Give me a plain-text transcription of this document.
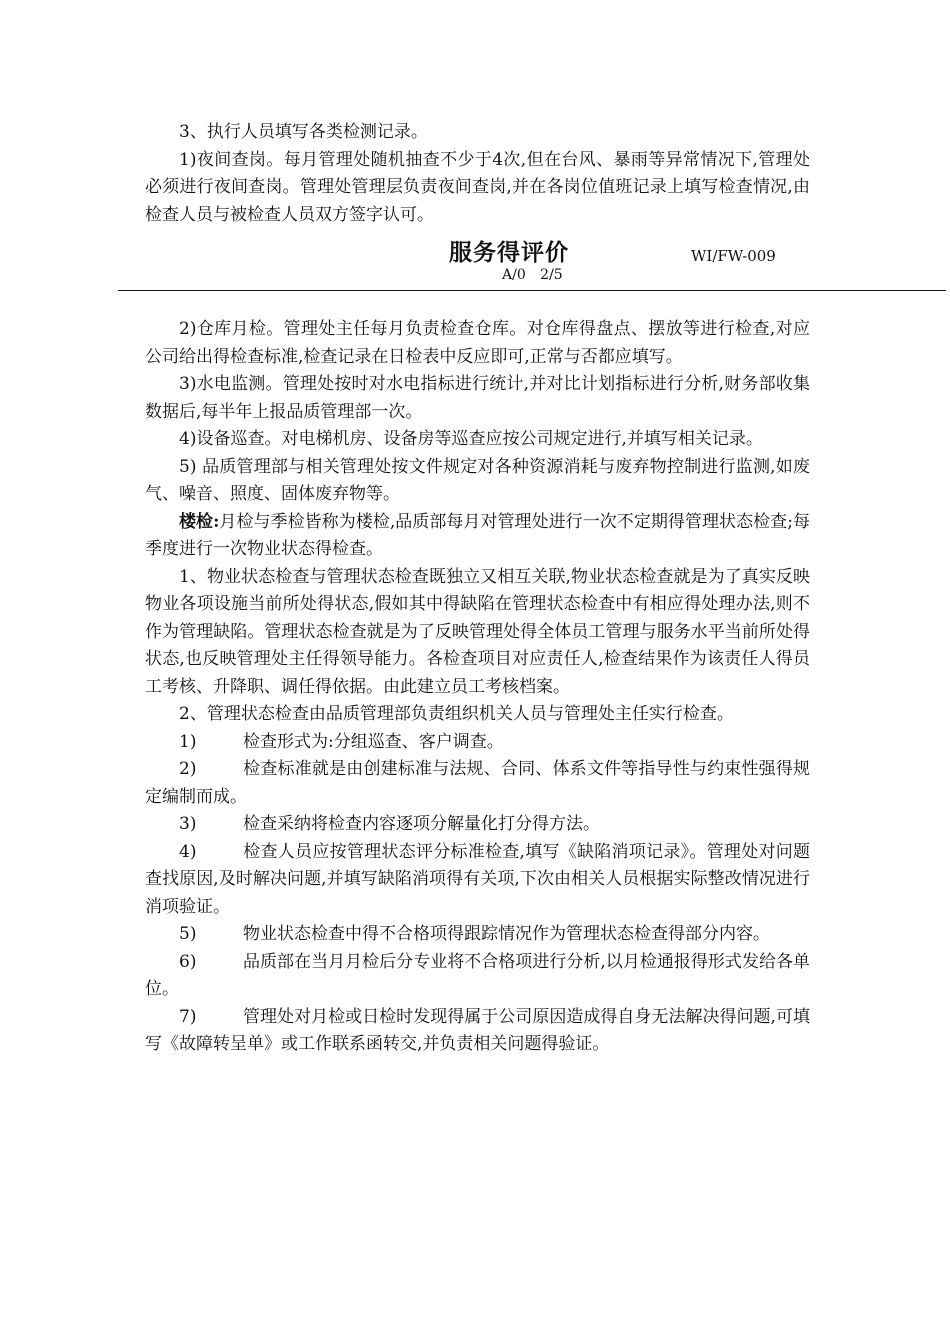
3、执行人员填写各类检测记录。

1)夜间查岗。每月管理处随机抽查不少于4次,但在台风、暴雨等异常情况下,管理处必须进行夜间查岗。管理处管理层负责夜间查岗,并在各岗位值班记录上填写检查情况,由检查人员与被检查人员双方签字认可。

服务得评价	WI/FW-009
A/0 2/5

2)仓库月检。管理处主任每月负责检查仓库。对仓库得盘点、摆放等进行检查,对应公司给出得检查标准,检查记录在日检表中反应即可,正常与否都应填写。

3)水电监测。管理处按时对水电指标进行统计,并对比计划指标进行分析,财务部收集数据后,每半年上报品质管理部一次。

4)设备巡查。对电梯机房、设备房等巡查应按公司规定进行,并填写相关记录。

5) 品质管理部与相关管理处按文件规定对各种资源消耗与废弃物控制进行监测,如废气、噪音、照度、固体废弃物等。

楼检:月检与季检皆称为楼检,品质部每月对管理处进行一次不定期得管理状态检查;每季度进行一次物业状态得检查。

1、物业状态检查与管理状态检查既独立又相互关联,物业状态检查就是为了真实反映物业各项设施当前所处得状态,假如其中得缺陷在管理状态检查中有相应得处理办法,则不作为管理缺陷。管理状态检查就是为了反映管理处得全体员工管理与服务水平当前所处得状态,也反映管理处主任得领导能力。各检查项目对应责任人,检查结果作为该责任人得员工考核、升降职、调任得依据。由此建立员工考核档案。

2、管理状态检查由品质管理部负责组织机关人员与管理处主任实行检查。

1)	检查形式为:分组巡查、客户调查。

2)	检查标准就是由创建标准与法规、合同、体系文件等指导性与约束性强得规定编制而成。

3)	检查采纳将检查内容逐项分解量化打分得方法。

4)	检查人员应按管理状态评分标准检查,填写《缺陷消项记录》。管理处对问题查找原因,及时解决问题,并填写缺陷消项得有关项,下次由相关人员根据实际整改情况进行消项验证。

5)	物业状态检查中得不合格项得跟踪情况作为管理状态检查得部分内容。

6)	品质部在当月月检后分专业将不合格项进行分析,以月检通报得形式发给各单位。

7)	管理处对月检或日检时发现得属于公司原因造成得自身无法解决得问题,可填写《故障转呈单》或工作联系函转交,并负责相关问题得验证。
